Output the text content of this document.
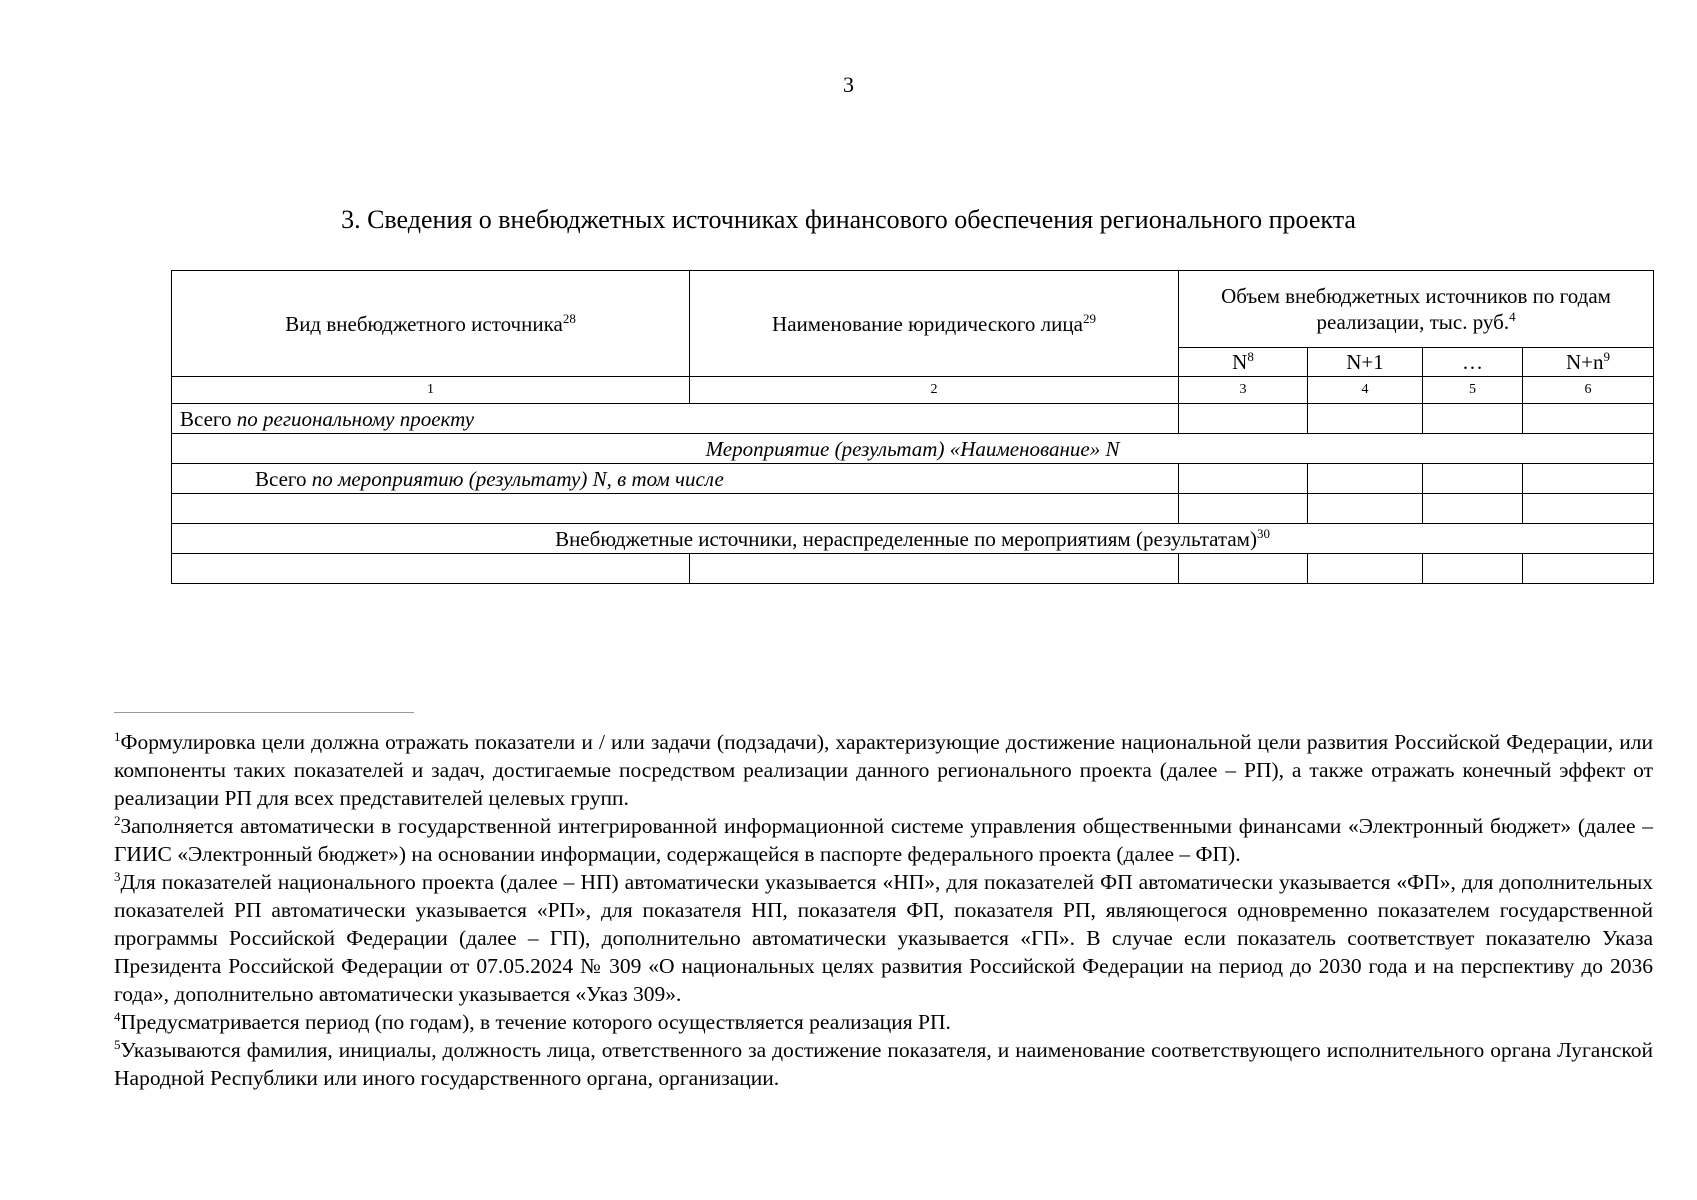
3
3. Сведения о внебюджетных источниках финансового обеспечения регионального проекта
Вид внебюджетного источника$^{28}$	Наименование юридического лица$^{29}$	Объем внебюджетных источников по годам реализации, тыс. руб.$^4$
		$N^8$	N+1	…	$N+n^9$
1	2	3	4	5	6
Всего по региональному проекту					
Мероприятие (результат) «Наименование» N					
Всего по мероприятию (результату) N, в том числе					

Внебюджетные источники, нераспределенные по мероприятиям (результатам)$^{30}$

$^1$Формулировка цели должна отражать показатели и / или задачи (подзадачи), характеризующие достижение национальной цели развития Российской Федерации, или компоненты таких показателей и задач, достигаемые посредством реализации данного регионального проекта (далее – РП), а также отражать конечный эффект от реализации РП для всех представителей целевых групп.

$^2$Заполняется автоматически в государственной интегрированной информационной системе управления общественными финансами «Электронный бюджет» (далее – ГИИС «Электронный бюджет») на основании информации, содержащейся в паспорте федерального проекта (далее – ФП).

$^3$Для показателей национального проекта (далее – НП) автоматически указывается «НП», для показателей ФП автоматически указывается «ФП», для дополнительных показателей РП автоматически указывается «РП», для показателя НП, показателя ФП, показателя РП, являющегося одновременно показателем государственной программы Российской Федерации (далее – ГП), дополнительно автоматически указывается «ГП». В случае если показатель соответствует показателю Указа Президента Российской Федерации от 07.05.2024 № 309 «О национальных целях развития Российской Федерации на период до 2030 года и на перспективу до 2036 года», дополнительно автоматически указывается «Указ 309».

$^4$Предусматривается период (по годам), в течение которого осуществляется реализация РП.

$^5$Указываются фамилия, инициалы, должность лица, ответственного за достижение показателя, и наименование соответствующего исполнительного органа Луганской Народной Республики или иного государственного органа, организации.
